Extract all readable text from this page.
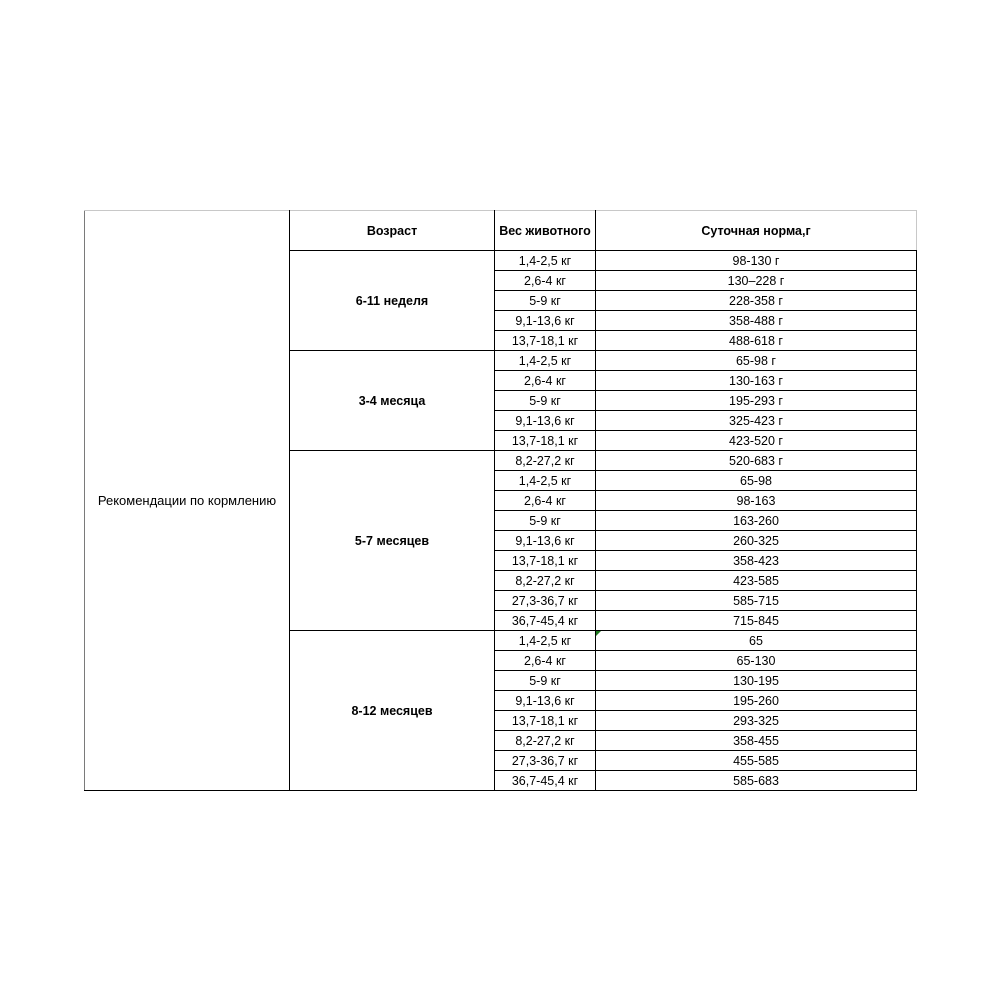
Рекомендации по кормлению	Возраст	Вес животного	Суточная норма,г
	6-11 неделя	1,4-2,5 кг	98-130 г
		2,6-4 кг	130–228 г
		5-9 кг	228-358 г
		9,1-13,6 кг	358-488 г
		13,7-18,1 кг	488-618 г
	3-4 месяца	1,4-2,5 кг	65-98 г
		2,6-4 кг	130-163 г
		5-9 кг	195-293 г
		9,1-13,6 кг	325-423 г
		13,7-18,1 кг	423-520 г
	5-7 месяцев	8,2-27,2 кг	520-683 г
		1,4-2,5 кг	65-98
		2,6-4 кг	98-163
		5-9 кг	163-260
		9,1-13,6 кг	260-325
		13,7-18,1 кг	358-423
		8,2-27,2 кг	423-585
		27,3-36,7 кг	585-715
		36,7-45,4 кг	715-845
	8-12 месяцев	1,4-2,5 кг	65

		2,6-4 кг	65-130
		5-9 кг	130-195
		9,1-13,6 кг	195-260
		13,7-18,1 кг	293-325
		8,2-27,2 кг	358-455
		27,3-36,7 кг	455-585
		36,7-45,4 кг	585-683
